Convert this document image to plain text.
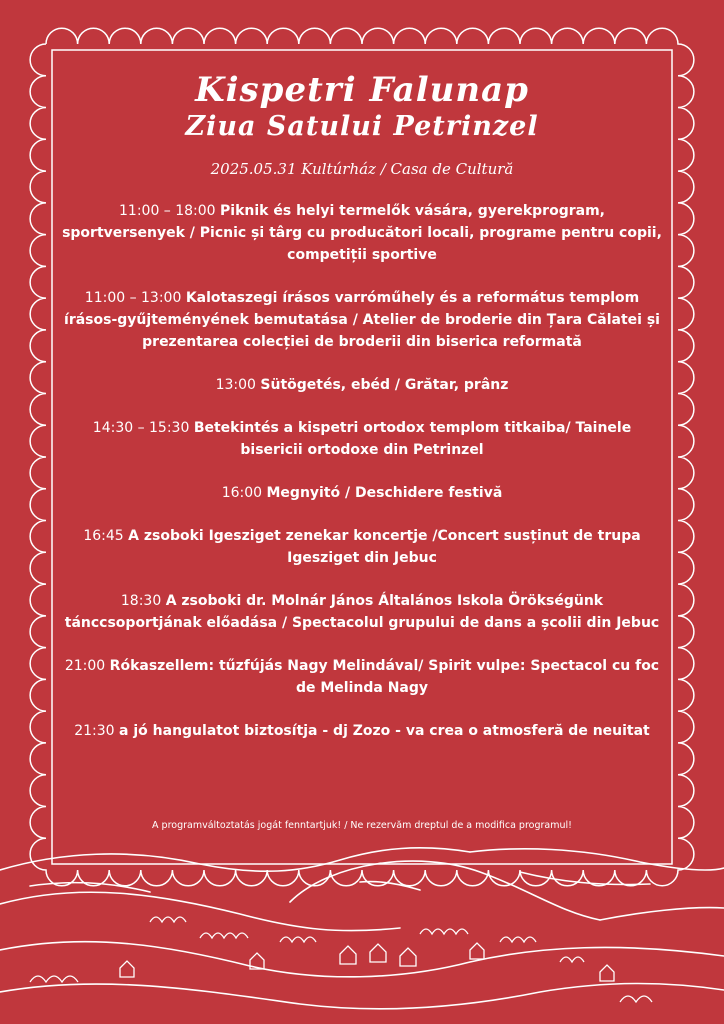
Kispetri Falunap
Ziua Satului Petrinzel
2025.05.31 Kultúrház / Casa de Cultură

11:00 – 18:00 Piknik és helyi termelők vására, gyerekprogram, sportversenyek / Picnic și târg cu producători locali, programe pentru copii, competiții sportive

11:00 – 13:00 Kalotaszegi írásos varróműhely és a református templom írásos-gyűjteményének bemutatása / Atelier de broderie din Țara Călatei și prezentarea colecției de broderii din biserica reformată

13:00 Sütögetés, ebéd / Grătar, prânz

14:30 – 15:30 Betekintés a kispetri ortodox templom titkaiba/ Tainele bisericii ortodoxe din Petrinzel

16:00 Megnyitó / Deschidere festivă

16:45 A zsoboki Igesziget zenekar koncertje /Concert susținut de trupa Igesziget din Jebuc

18:30 A zsoboki dr. Molnár János Általános Iskola Örökségünk tánccsoportjának előadása / Spectacolul grupului de dans a școlii din Jebuc

21:00 Rókaszellem: tűzfújás Nagy Melindával/ Spirit vulpe: Spectacol cu foc de Melinda Nagy

21:30 a jó hangulatot biztosítja - dj Zozo - va crea o atmosferă de neuitat

A programváltoztatás jogát fenntartjuk! / Ne rezervăm dreptul de a modifica programul!
